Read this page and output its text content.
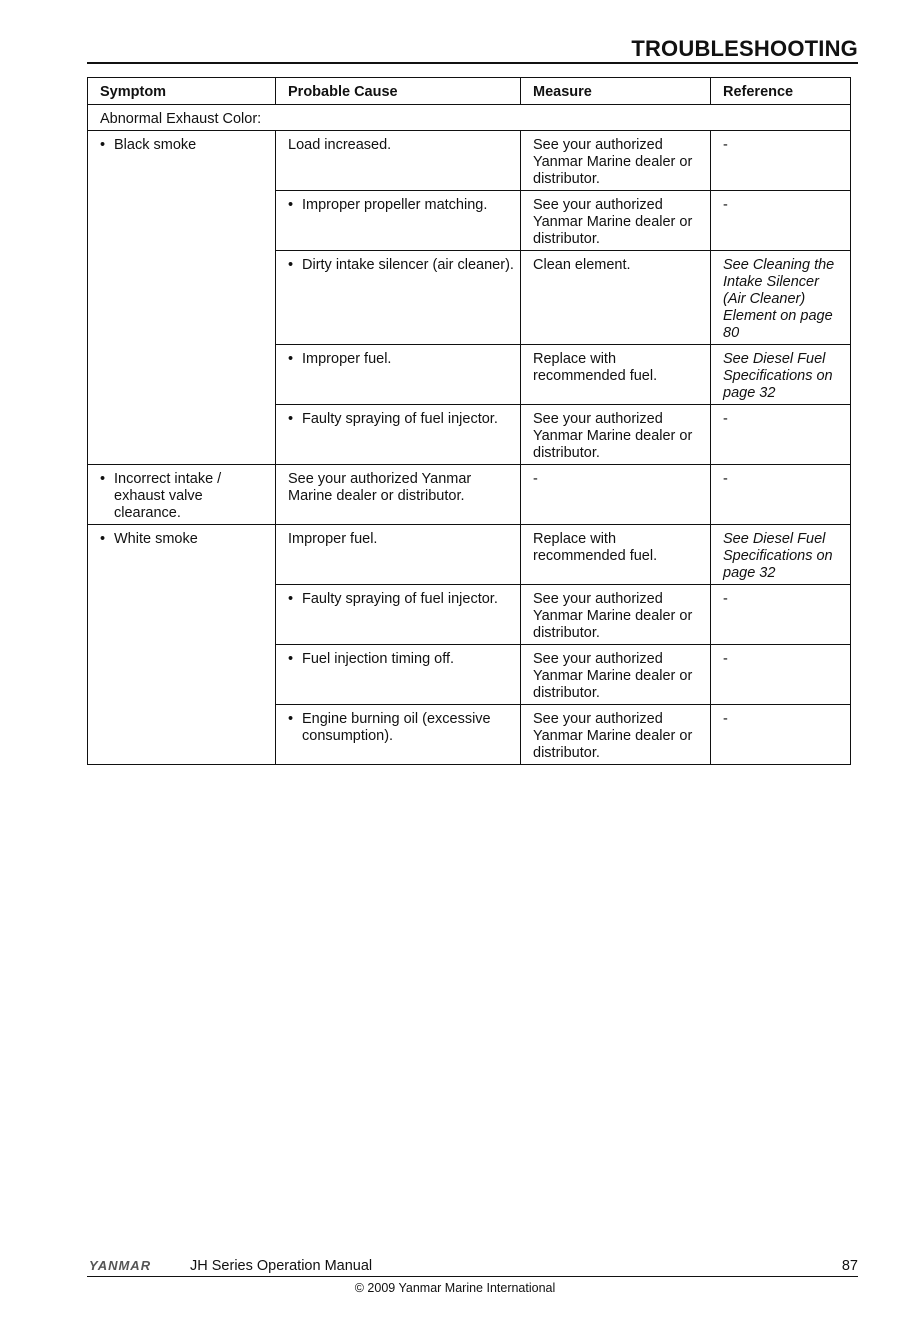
TROUBLESHOOTING
Symptom	Probable Cause	Measure	Reference
Abnormal Exhaust Color:			

• Black smoke	Load increased.	See your authorized Yanmar Marine dealer or distributor.	-

	• Improper propeller matching.	See your authorized Yanmar Marine dealer or distributor.	-

	• Dirty intake silencer (air cleaner).	Clean element.	See Cleaning the Intake Silencer (Air Cleaner) Element on page 80

	• Improper fuel.	Replace with recommended fuel.	See Diesel Fuel Specifications on page 32

	• Faulty spraying of fuel injector.	See your authorized Yanmar Marine dealer or distributor.	-

• Incorrect intake / exhaust valve clearance.	See your authorized Yanmar Marine dealer or distributor.	-	-

• White smoke	Improper fuel.	Replace with recommended fuel.	See Diesel Fuel Specifications on page 32

	• Faulty spraying of fuel injector.	See your authorized Yanmar Marine dealer or distributor.	-

	• Fuel injection timing off.	See your authorized Yanmar Marine dealer or distributor.	-

	• Engine burning oil (excessive consumption).	See your authorized Yanmar Marine dealer or distributor.	-
YANMAR	JH Series Operation Manual	87
© 2009 Yanmar Marine International
